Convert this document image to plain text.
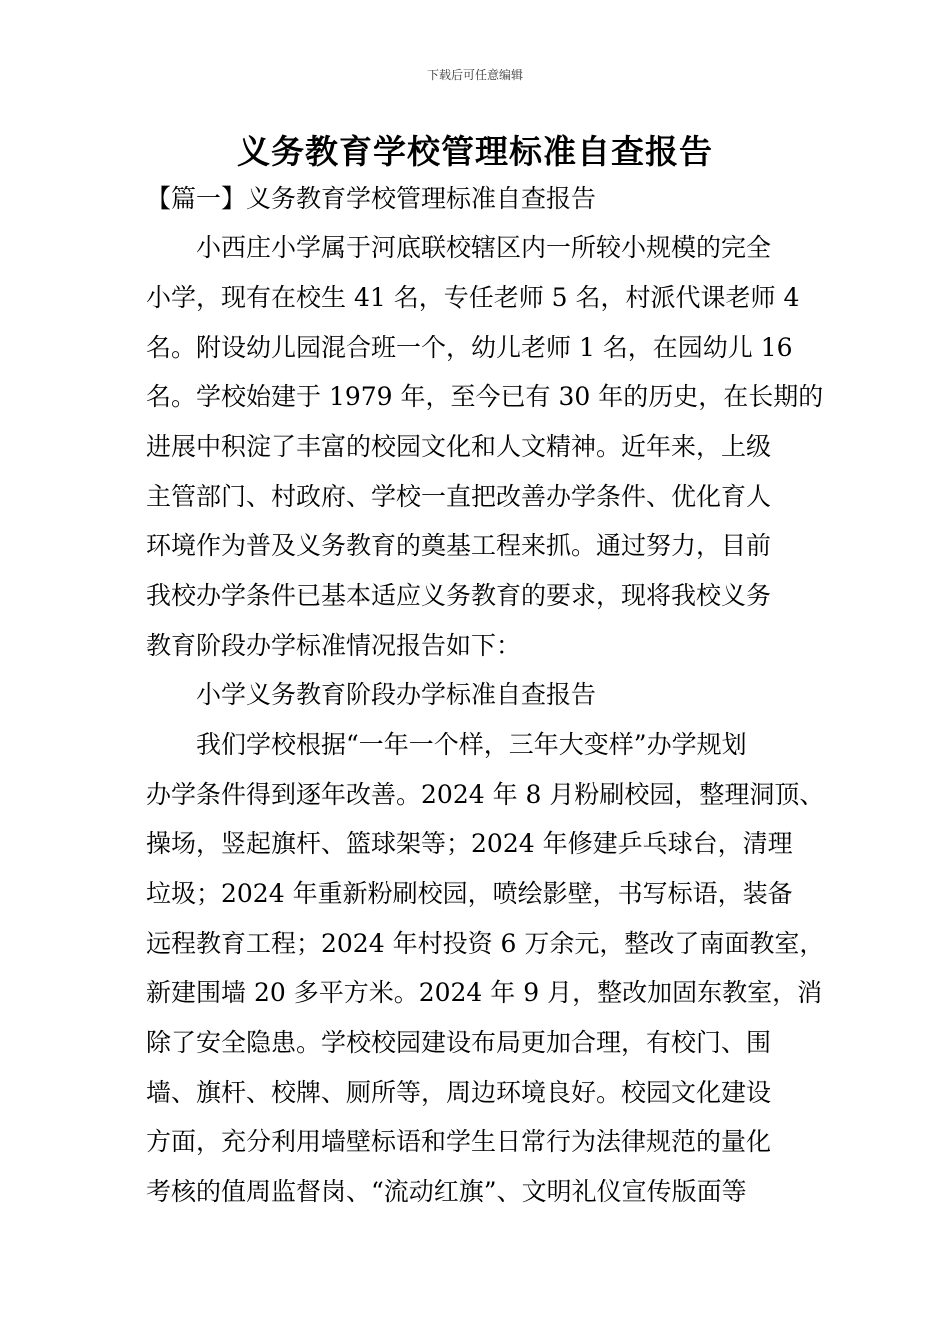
下载后可任意编辑
义务教育学校管理标准自查报告
【篇一】义务教育学校管理标准自查报告
小西庄小学属于河底联校辖区内一所较小规模的完全
小学，现有在校生 41 名，专任老师 5 名，村派代课老师 4
名。附设幼儿园混合班一个，幼儿老师 1 名，在园幼儿 16
名。学校始建于 1979 年，至今已有 30 年的历史，在长期的
进展中积淀了丰富的校园文化和人文精神。近年来，上级
主管部门、村政府、学校一直把改善办学条件、优化育人
环境作为普及义务教育的奠基工程来抓。通过努力，目前
我校办学条件已基本适应义务教育的要求，现将我校义务
教育阶段办学标准情况报告如下：
小学义务教育阶段办学标准自查报告
我们学校根据“一年一个样，三年大变样”办学规划
办学条件得到逐年改善。2024 年 8 月粉刷校园，整理洞顶、
操场，竖起旗杆、篮球架等；2024 年修建乒乓球台，清理
垃圾；2024 年重新粉刷校园，喷绘影壁，书写标语，装备
远程教育工程；2024 年村投资 6 万余元，整改了南面教室，
新建围墙 20 多平方米。2024 年 9 月，整改加固东教室，消
除了安全隐患。学校校园建设布局更加合理，有校门、围
墙、旗杆、校牌、厕所等，周边环境良好。校园文化建设
方面，充分利用墙壁标语和学生日常行为法律规范的量化
考核的值周监督岗、“流动红旗”、文明礼仪宣传版面等
